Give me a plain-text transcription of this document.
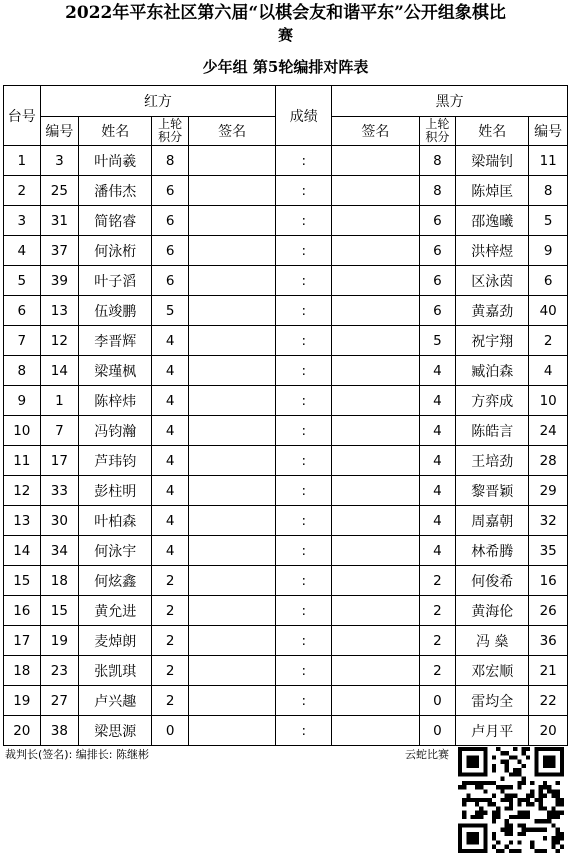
2022年平东社区第六届“以棋会友和谐平东”公开组象棋比
赛
少年组 第5轮编排对阵表
台号	红方				成绩	黑方			
	编号	姓名	上轮积分	签名		签名	上轮积分	姓名	编号
1	3	叶尚羲	8		:		8	梁瑞钊	11
2	25	潘伟杰	6		:		8	陈焯匡	8
3	31	简铭睿	6		:		6	邵逸曦	5
4	37	何泳桁	6		:		6	洪梓煜	9
5	39	叶子滔	6		:		6	区泳茵	6
6	13	伍竣鹏	5		:		6	黄嘉劲	40
7	12	李晋辉	4		:		5	祝宇翔	2
8	14	梁瑾枫	4		:		4	臧泊森	4
9	1	陈梓炜	4		:		4	方弈成	10
10	7	冯钧瀚	4		:		4	陈皓言	24
11	17	芦玮钧	4		:		4	王培劲	28
12	33	彭柱明	4		:		4	黎晋颖	29
13	30	叶柏森	4		:		4	周嘉朝	32
14	34	何泳宇	4		:		4	林希腾	35
15	18	何炫鑫	2		:		2	何俊希	16
16	15	黄允进	2		:		2	黄海伦	26
17	19	麦焯朗	2		:		2	冯 燊	36
18	23	张凯琪	2		:		2	邓宏顺	21
19	27	卢兴趣	2		:		0	雷均全	22
20	38	梁思源	0		:		0	卢月平	20
裁判长(签名): 编排长: 陈继彬	云蛇比赛
